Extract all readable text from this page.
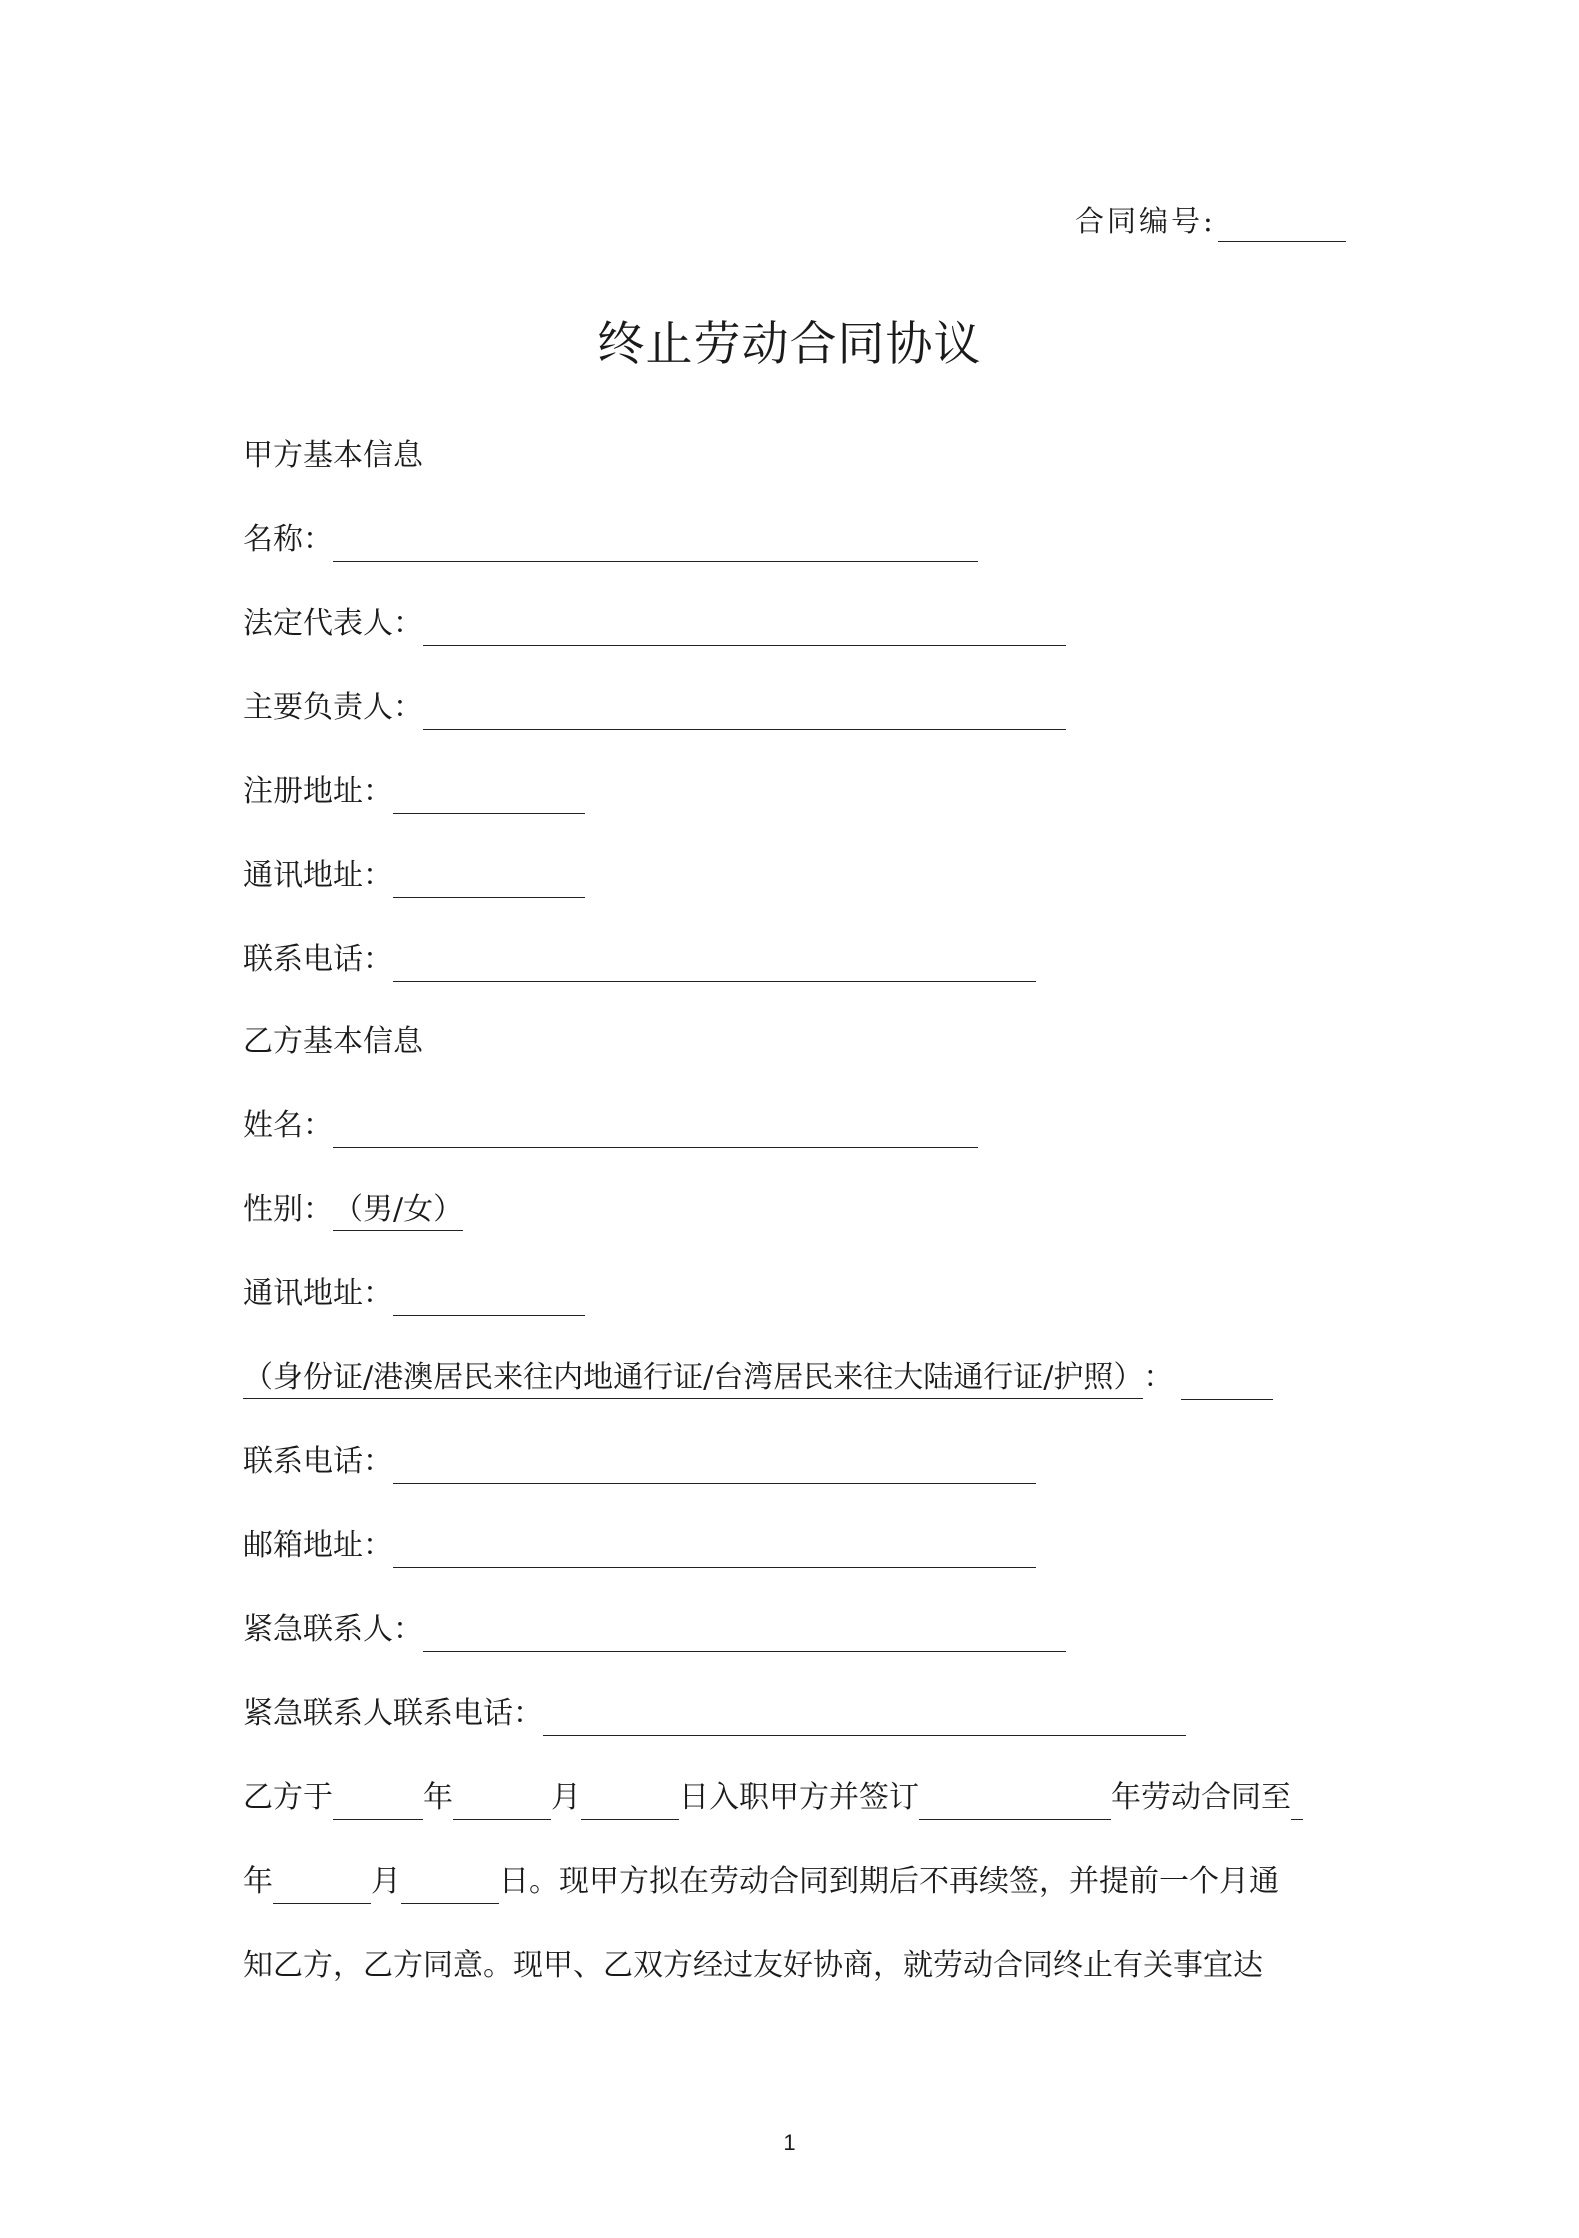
合同编号:
终止劳动合同协议
甲方基本信息
名称：
法定代表人：
主要负责人：
注册地址：
通讯地址：
联系电话：
乙方基本信息
姓名：
性别：（男/女）
通讯地址：
（身份证/港澳居民来往内地通行证/台湾居民来往大陆通行证/护照）：
联系电话：
邮箱地址：
紧急联系人：
紧急联系人联系电话：
乙方于	年	月	日入职甲方并签订	年劳动合同至
年	月	日。现甲方拟在劳动合同到期后不再续签，并提前一个月通
知乙方，乙方同意。现甲、乙双方经过友好协商，就劳动合同终止有关事宜达
1
